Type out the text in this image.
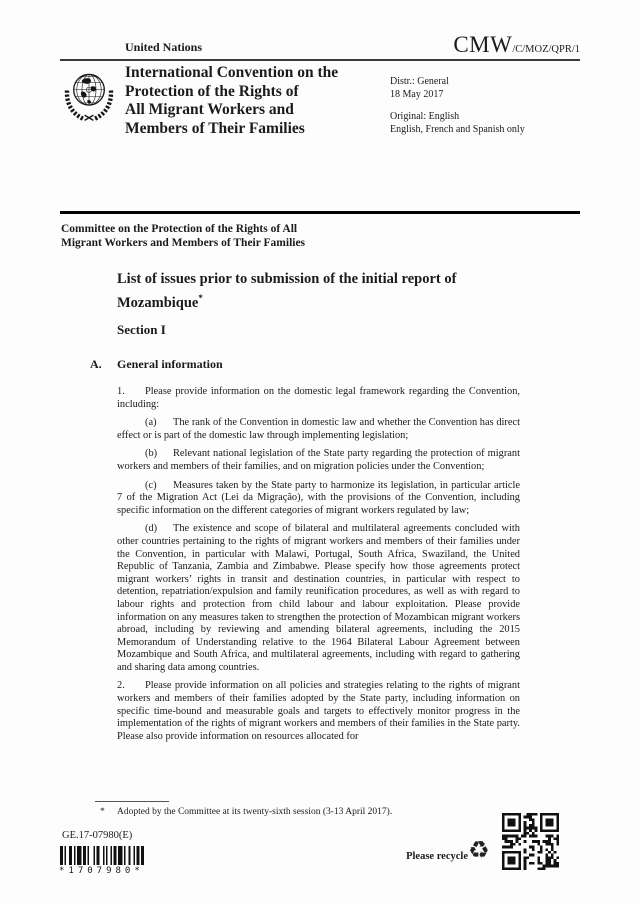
United Nations	CMW/C/MOZ/QPR/1
International Convention on the
Protection of the Rights of
All Migrant Workers and
Members of Their Families
Distr.: General
18 May 2017
Original: English
English, French and Spanish only
Committee on the Protection of the Rights of All
Migrant Workers and Members of Their Families
List of issues prior to submission of the initial report of
Mozambique*
Section I
A. General information

1. Please provide information on the domestic legal framework regarding the Convention, including:

(a) The rank of the Convention in domestic law and whether the Convention has direct effect or is part of the domestic law through implementing legislation;

(b) Relevant national legislation of the State party regarding the protection of migrant workers and members of their families, and on migration policies under the Convention;

(c) Measures taken by the State party to harmonize its legislation, in particular article 7 of the Migration Act (Lei da Migração), with the provisions of the Convention, including specific information on the different categories of migrant workers regulated by law;

(d) The existence and scope of bilateral and multilateral agreements concluded with other countries pertaining to the rights of migrant workers and members of their families under the Convention, in particular with Malawi, Portugal, South Africa, Swaziland, the United Republic of Tanzania, Zambia and Zimbabwe. Please specify how those agreements protect migrant workers’ rights in transit and destination countries, in particular with respect to detention, repatriation/expulsion and family reunification procedures, as well as with regard to labour rights and protection from child labour and labour exploitation. Please provide information on any measures taken to strengthen the protection of Mozambican migrant workers abroad, including by reviewing and amending bilateral agreements, including the 2015 Memorandum of Understanding relative to the 1964 Bilateral Labour Agreement between Mozambique and South Africa, and multilateral agreements, including with regard to gathering and sharing data among countries.

2. Please provide information on all policies and strategies relating to the rights of migrant workers and members of their families adopted by the State party, including information on specific time-bound and measurable goals and targets to effectively monitor progress in the implementation of the rights of migrant workers and members of their families in the State party. Please also provide information on resources allocated for

* Adopted by the Committee at its twenty-sixth session (3-13 April 2017).
GE.17-07980(E)
*1707980*
Please recycle ♻
